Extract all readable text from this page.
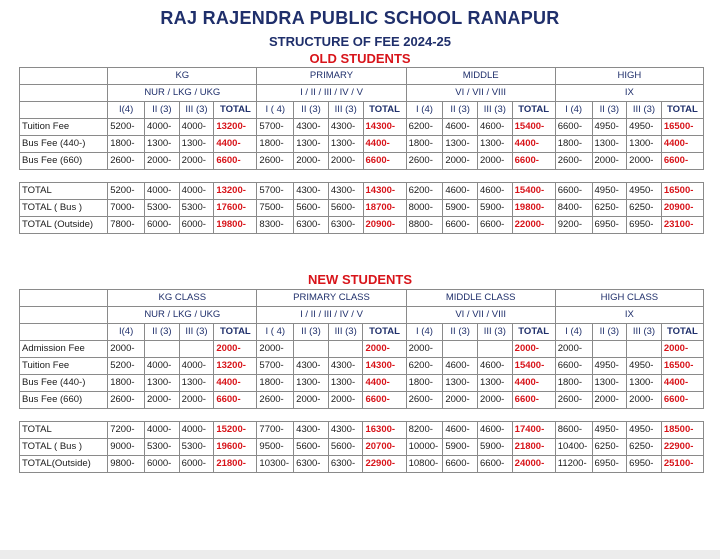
RAJ RAJENDRA PUBLIC SCHOOL RANAPUR
STRUCTURE OF FEE 2024-25
OLD STUDENTS
	KG				PRIMARY				MIDDLE				HIGH			
	NUR / LKG / UKG				I / II / III / IV / V				VI / VII / VIII				IX			
	I(4)	II (3)	III (3)	TOTAL	I ( 4)	II (3)	III (3)	TOTAL	I (4)	II (3)	III (3)	TOTAL	I (4)	II (3)	III (3)	TOTAL
Tuition Fee	5200-	4000-	4000-	13200-	5700-	4300-	4300-	14300-	6200-	4600-	4600-	15400-	6600-	4950-	4950-	16500-
Bus Fee (440-)	1800-	1300-	1300-	4400-	1800-	1300-	1300-	4400-	1800-	1300-	1300-	4400-	1800-	1300-	1300-	4400-
Bus Fee (660)	2600-	2000-	2000-	6600-	2600-	2000-	2000-	6600-	2600-	2000-	2000-	6600-	2600-	2000-	2000-	6600-

TOTAL	5200-	4000-	4000-	13200-	5700-	4300-	4300-	14300-	6200-	4600-	4600-	15400-	6600-	4950-	4950-	16500-
TOTAL ( Bus )	7000-	5300-	5300-	17600-	7500-	5600-	5600-	18700-	8000-	5900-	5900-	19800-	8400-	6250-	6250-	20900-
TOTAL (Outside)	7800-	6000-	6000-	19800-	8300-	6300-	6300-	20900-	8800-	6600-	6600-	22000-	9200-	6950-	6950-	23100-
NEW STUDENTS
	KG CLASS				PRIMARY CLASS				MIDDLE CLASS				HIGH CLASS			
	NUR / LKG / UKG				I / II / III / IV / V				VI / VII / VIII				IX			
	I(4)	II (3)	III (3)	TOTAL	I ( 4)	II (3)	III (3)	TOTAL	I (4)	II (3)	III (3)	TOTAL	I (4)	II (3)	III (3)	TOTAL
Admission Fee	2000-			2000-	2000-			2000-	2000-			2000-	2000-			2000-
Tuition Fee	5200-	4000-	4000-	13200-	5700-	4300-	4300-	14300-	6200-	4600-	4600-	15400-	6600-	4950-	4950-	16500-
Bus Fee (440-)	1800-	1300-	1300-	4400-	1800-	1300-	1300-	4400-	1800-	1300-	1300-	4400-	1800-	1300-	1300-	4400-
Bus Fee (660)	2600-	2000-	2000-	6600-	2600-	2000-	2000-	6600-	2600-	2000-	2000-	6600-	2600-	2000-	2000-	6600-

TOTAL	7200-	4000-	4000-	15200-	7700-	4300-	4300-	16300-	8200-	4600-	4600-	17400-	8600-	4950-	4950-	18500-
TOTAL ( Bus )	9000-	5300-	5300-	19600-	9500-	5600-	5600-	20700-	10000-	5900-	5900-	21800-	10400-	6250-	6250-	22900-
TOTAL(Outside)	9800-	6000-	6000-	21800-	10300-	6300-	6300-	22900-	10800-	6600-	6600-	24000-	11200-	6950-	6950-	25100-
